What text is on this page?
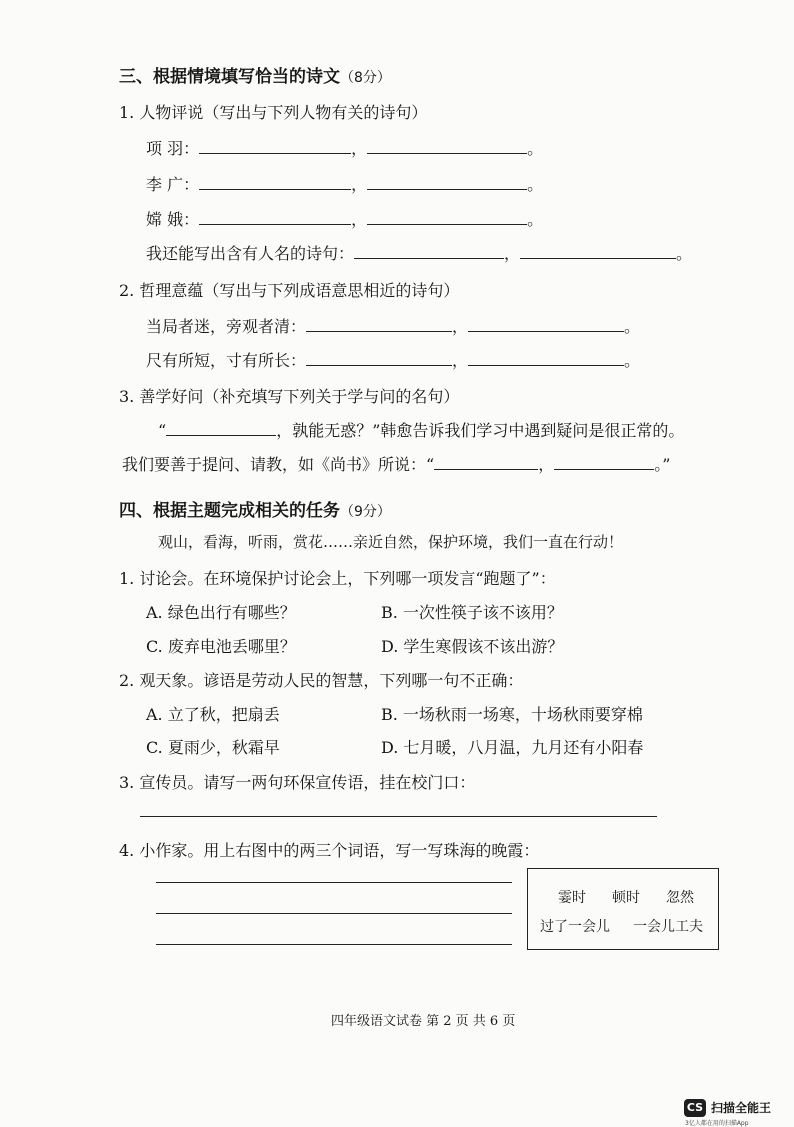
三、根据情境填写恰当的诗文（8分）
1. 人物评说（写出与下列人物有关的诗句）
项 羽：	，	。
李 广：	，	。
嫦 娥：	，	。
我还能写出含有人名的诗句：	，	。
2. 哲理意蕴（写出与下列成语意思相近的诗句）
当局者迷，旁观者清：	，	。
尺有所短，寸有所长：	，	。
3. 善学好问（补充填写下列关于学与问的名句）
“	，孰能无惑？”韩愈告诉我们学习中遇到疑问是很正常的。
我们要善于提问、请教，如《尚书》所说：“	，	。”
四、根据主题完成相关的任务（9分）
观山，看海，听雨，赏花……亲近自然，保护环境，我们一直在行动！
1. 讨论会。在环境保护讨论会上，下列哪一项发言“跑题了”：
A. 绿色出行有哪些？	B. 一次性筷子该不该用？
C. 废弃电池丢哪里？	D. 学生寒假该不该出游？
2. 观天象。谚语是劳动人民的智慧，下列哪一句不正确：
A. 立了秋，把扇丢	B. 一场秋雨一场寒，十场秋雨要穿棉
C. 夏雨少，秋霜早	D. 七月暖，八月温，九月还有小阳春
3. 宣传员。请写一两句环保宣传语，挂在校门口：
4. 小作家。用上右图中的两三个词语，写一写珠海的晚霞：
霎时 顿时 忽然
过了一会儿 一会儿工夫
四年级语文试卷 第 2 页 共 6 页
CS 扫描全能王
3亿人都在用的扫描App
